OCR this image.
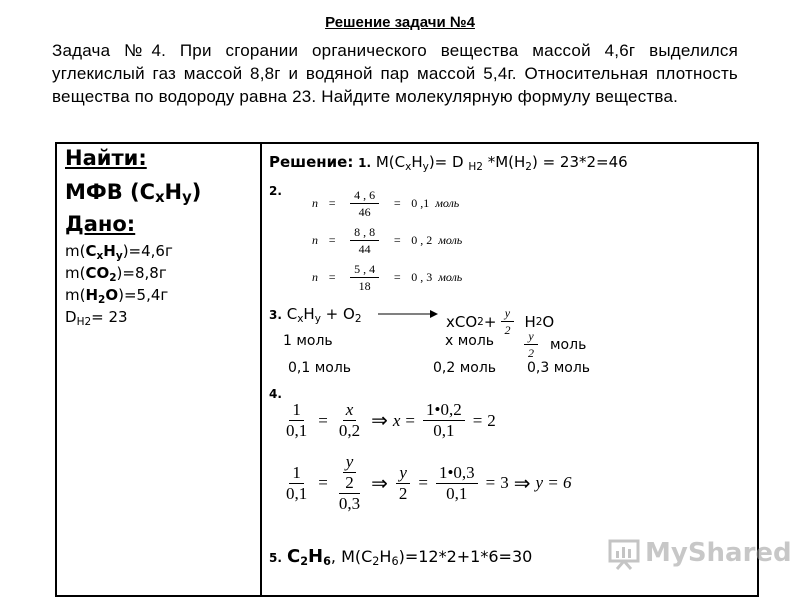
Решение задачи №4
Задача №4. При сгорании органического вещества массой 4,6г выделился углекислый газ массой 8,8г и водяной пар массой 5,4г. Относительная плотность вещества по водороду равна 23. Найдите молекулярную формулу вещества.
Найти:
МФВ $(C_xH_y)$
Дано:
$m(C_xH_y)=4,6г$
$m(CO_2)=8,8г$
$m(H_2O)=5,4г$
$D_{H2}= 23$
Решение: 1. $M(C_xH_y)= D$ $_{H2}$ $*M(H_2) = 23*2=46$
2.
$n = \frac{4 , 6}{46} = 0$ ,1 моль
$n = \frac{8 , 8}{44} = 0$ , 2 моль
$n = \frac{5 , 4}{18} = 0$ , 3 моль
3. $C_xH_y + O_2$ → xCO $2 + \frac{y}{2}$ H 2 O
1 моль	x моль $\frac{y}{2}$ моль
0,1 моль	0,2 моль 0,3 моль
4.
$\frac{1}{0,1} = \frac{x}{0,2}$ ⇒ $x = \frac{1•0,2}{0,1} = 2$
$\frac{1}{0,1} = \frac{\frac{y}{2}}{0,3}$ ⇒ $\frac{y}{2} = \frac{1•0,3}{0,1} = 3$ ⇒ y = 6
5. $C_2H_6$, $M(C_2H_6)=12*2+1*6=30$	MyShared
